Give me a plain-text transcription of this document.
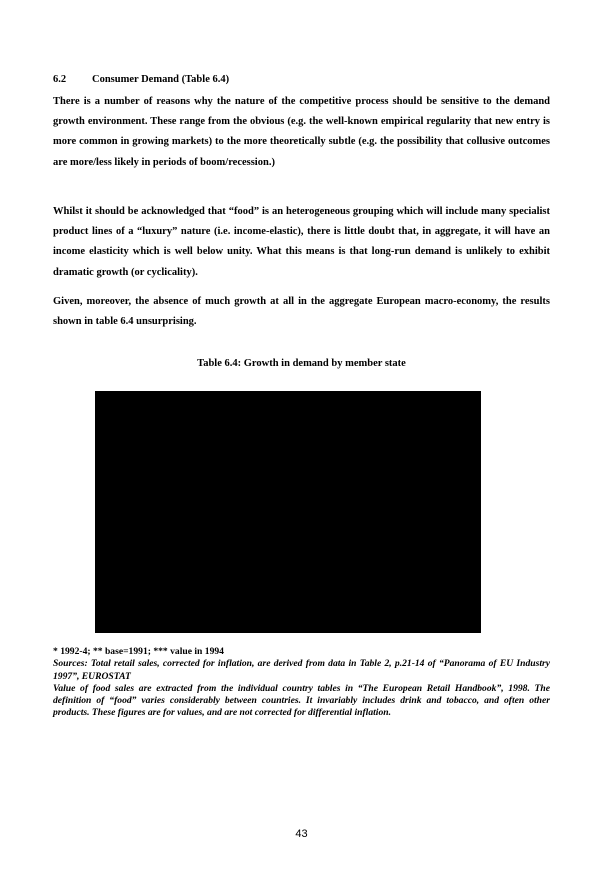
6.2 Consumer Demand (Table 6.4)

There is a number of reasons why the nature of the competitive process should be sensitive to the demand growth environment. These range from the obvious (e.g. the well-known empirical regularity that new entry is more common in growing markets) to the more theoretically subtle (e.g. the possibility that collusive outcomes are more/less likely in periods of boom/recession.)

Whilst it should be acknowledged that “food” is an heterogeneous grouping which will include many specialist product lines of a “luxury” nature (i.e. income-elastic), there is little doubt that, in aggregate, it will have an income elasticity which is well below unity. What this means is that long-run demand is unlikely to exhibit dramatic growth (or cyclicality).

Given, moreover, the absence of much growth at all in the aggregate European macro-economy, the results shown in table 6.4 unsurprising.

Table 6.4: Growth in demand by member state
* 1992-4; ** base=1991; *** value in 1994
Sources: Total retail sales, corrected for inflation, are derived from data in Table 2, p.21-14 of “Panorama of EU Industry 1997”, EUROSTAT
Value of food sales are extracted from the individual country tables in “The European Retail Handbook”, 1998. The definition of “food” varies considerably between countries. It invariably includes drink and tobacco, and often other products. These figures are for values, and are not corrected for differential inflation.
43
